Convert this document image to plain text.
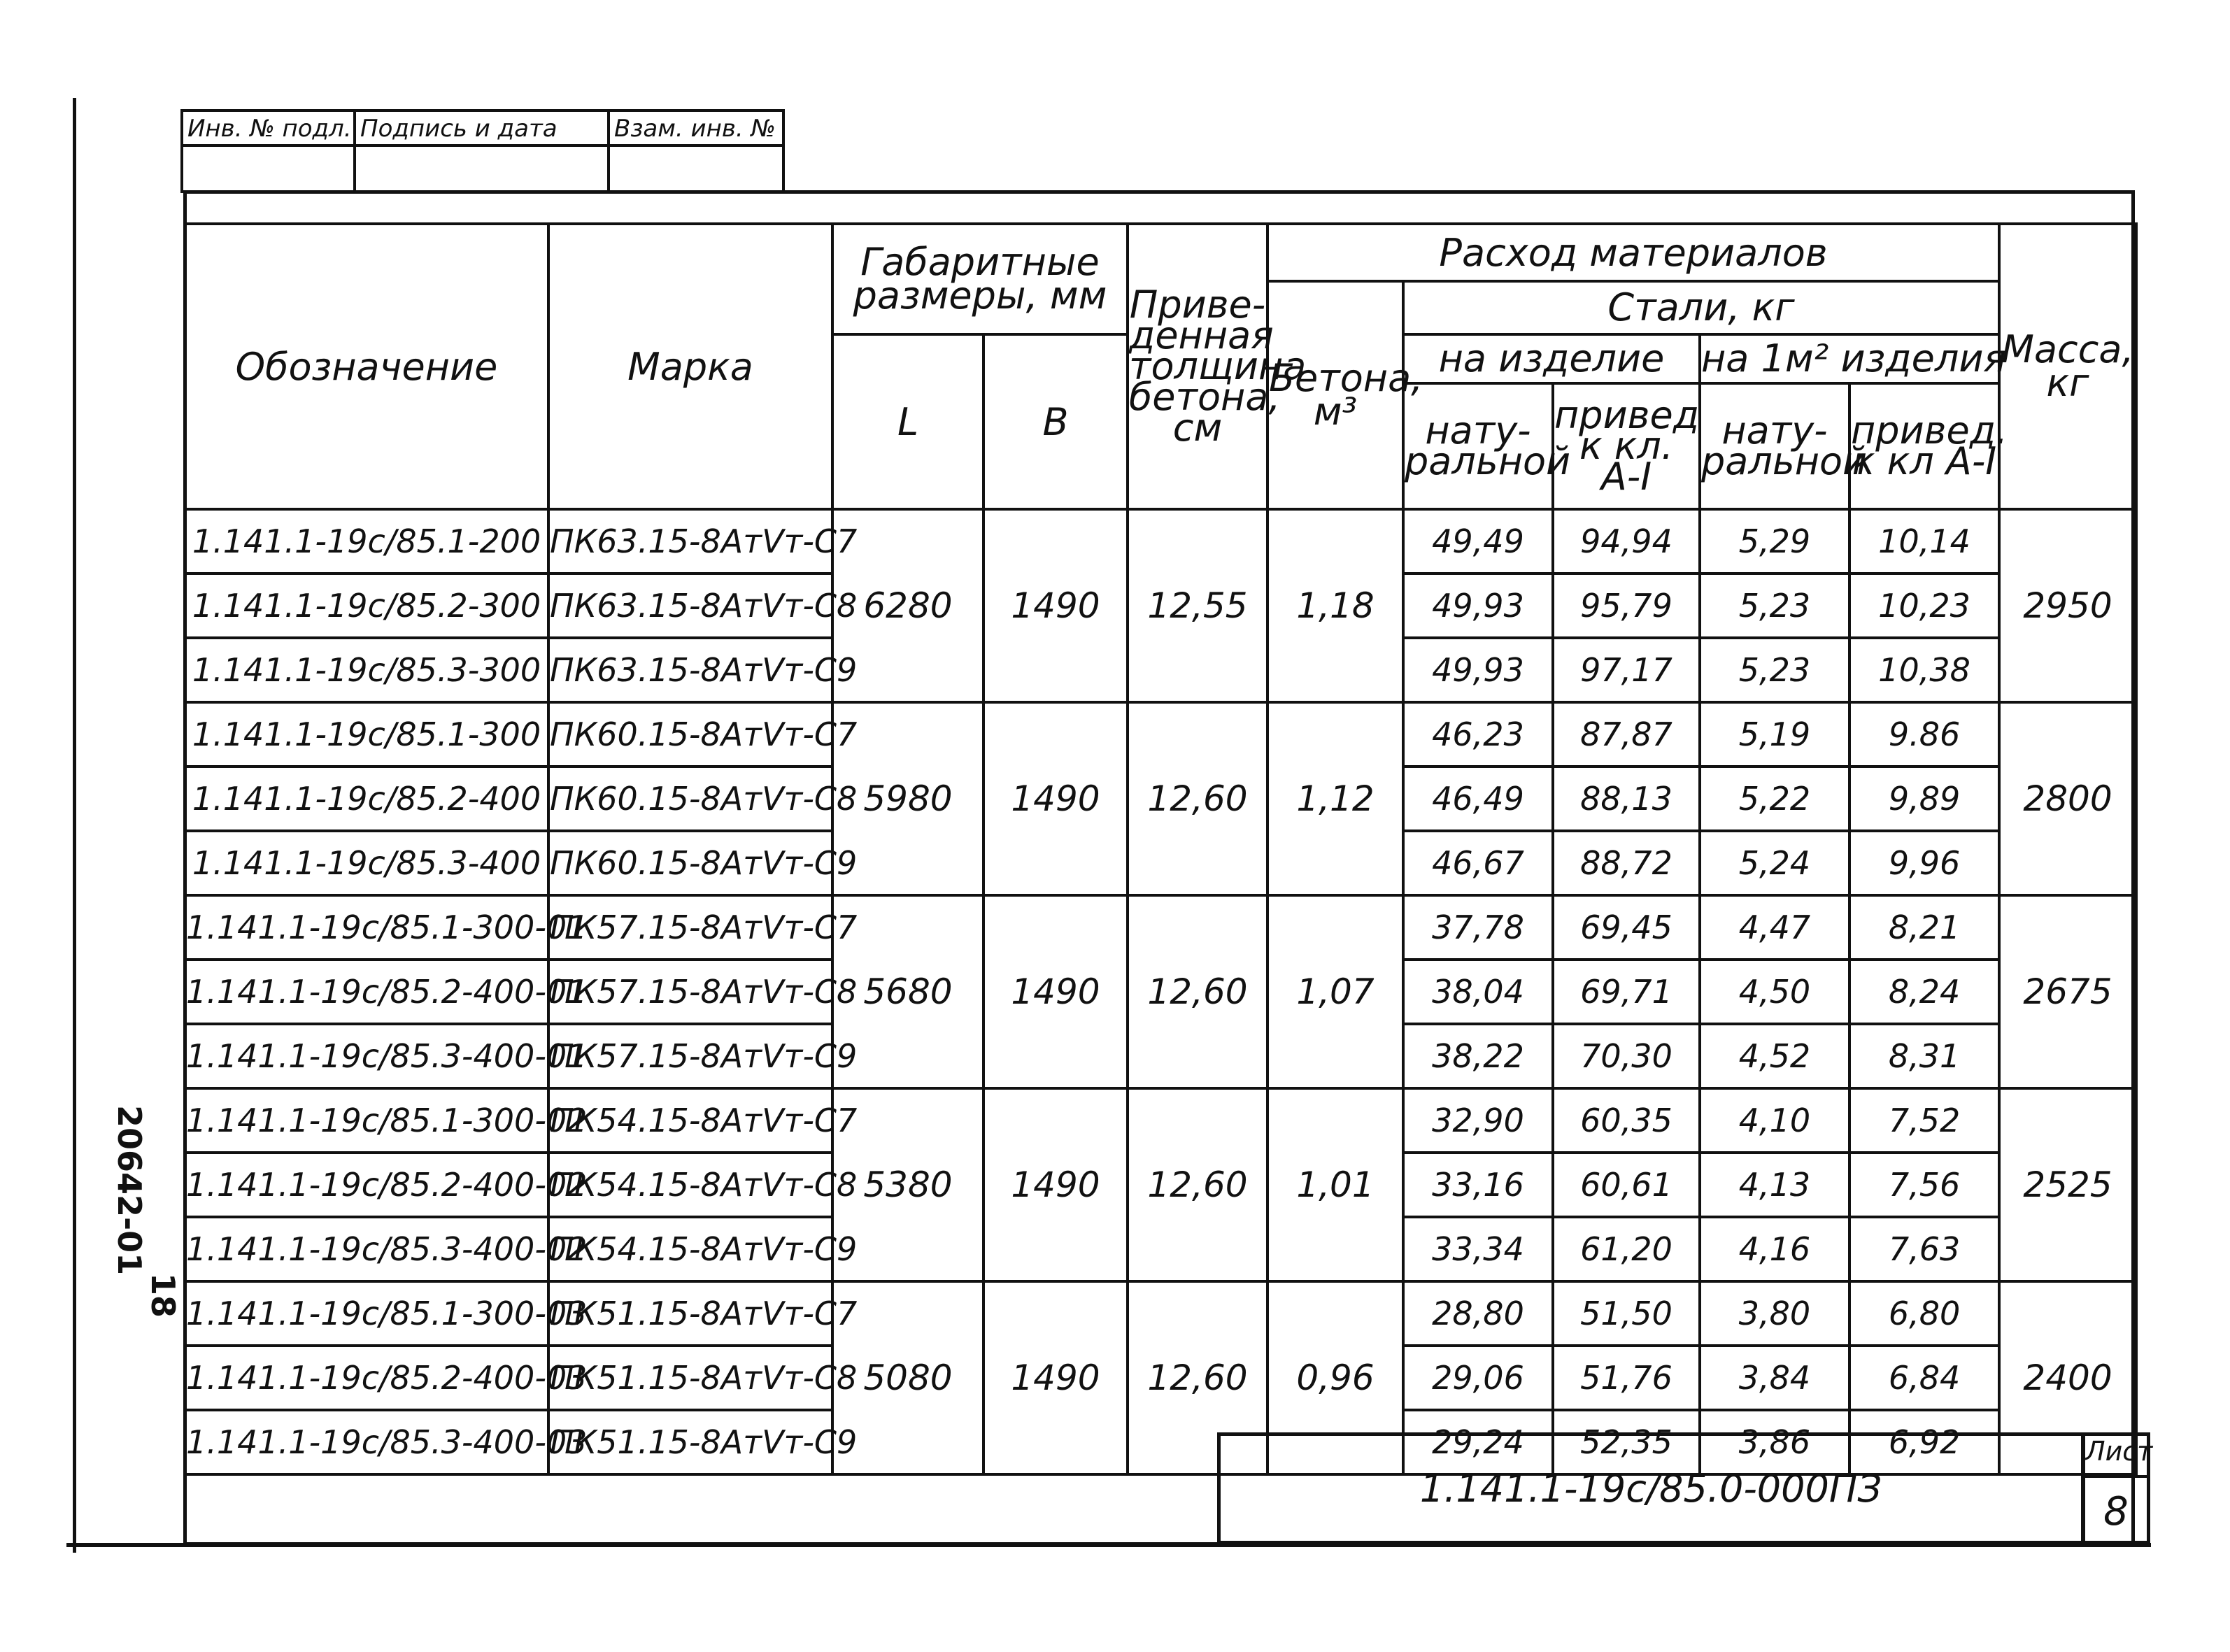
Инв. № подл. Подпись и дата	Взам. инв. №
Обозначение	Марка	Габаритные размеры, мм		Приве-денная толщина бетона, см	Расход материалов					Масса, кг
					Бетона, м³	Стали, кг				
		L	В			на изделие		на 1м² изделия		
						нату-ральной	привед к кл. А-I	нату-ральной	привед. к кл А-I	
1.141.1-19с/85.1-200	ПК63.15-8АтVт-С7	6280	1490	12,55	1,18	49,49	94,94	5,29	10,14	2950
1.141.1-19с/85.2-300	ПК63.15-8АтVт-С8					49,93	95,79	5,23	10,23	
1.141.1-19с/85.3-300	ПК63.15-8АтVт-С9					49,93	97,17	5,23	10,38	
1.141.1-19с/85.1-300	ПК60.15-8АтVт-С7	5980	1490	12,60	1,12	46,23	87,87	5,19	9.86	2800
1.141.1-19с/85.2-400	ПК60.15-8АтVт-С8					46,49	88,13	5,22	9,89	
1.141.1-19с/85.3-400	ПК60.15-8АтVт-С9					46,67	88,72	5,24	9,96	
1.141.1-19с/85.1-300-01	ПК57.15-8АтVт-С7	5680	1490	12,60	1,07	37,78	69,45	4,47	8,21	2675
1.141.1-19с/85.2-400-01	ПК57.15-8АтVт-С8					38,04	69,71	4,50	8,24	
1.141.1-19с/85.3-400-01	ПК57.15-8АтVт-С9					38,22	70,30	4,52	8,31	
1.141.1-19с/85.1-300-02	ПК54.15-8АтVт-С7	5380	1490	12,60	1,01	32,90	60,35	4,10	7,52	2525
1.141.1-19с/85.2-400-02	ПК54.15-8АтVт-С8					33,16	60,61	4,13	7,56	
1.141.1-19с/85.3-400-02	ПК54.15-8АтVт-С9					33,34	61,20	4,16	7,63	
1.141.1-19с/85.1-300-03	ПК51.15-8АтVт-С7	5080	1490	12,60	0,96	28,80	51,50	3,80	6,80	2400
1.141.1-19с/85.2-400-03	ПК51.15-8АтVт-С8					29,06	51,76	3,84	6,84	
1.141.1-19с/85.3-400-03	ПК51.15-8АтVт-С9					29,24	52,35	3,86	6,92	
20642-01
18
1.141.1-19с/85.0-000ПЗ
Лист
8
